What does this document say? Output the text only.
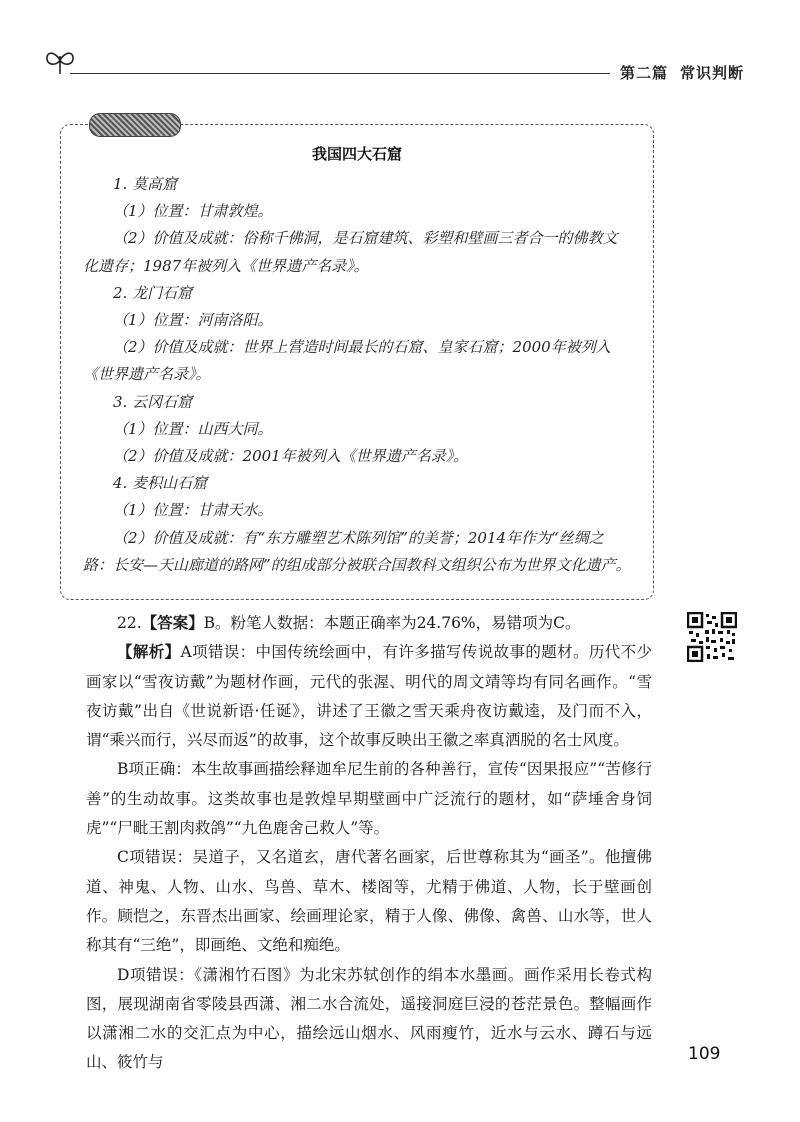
第二篇 常识判断
我国四大石窟

1. 莫高窟

（1）位置：甘肃敦煌。

（2）价值及成就：俗称千佛洞，是石窟建筑、彩塑和壁画三者合一的佛教文化遗存；1987年被列入《世界遗产名录》。

2. 龙门石窟

（1）位置：河南洛阳。

（2）价值及成就：世界上营造时间最长的石窟、皇家石窟；2000年被列入《世界遗产名录》。

3. 云冈石窟

（1）位置：山西大同。

（2）价值及成就：2001年被列入《世界遗产名录》。

4. 麦积山石窟

（1）位置：甘肃天水。

（2）价值及成就：有“东方雕塑艺术陈列馆”的美誉；2014年作为“丝绸之路：长安—天山廊道的路网”的组成部分被联合国教科文组织公布为世界文化遗产。

22.【答案】B。粉笔人数据：本题正确率为24.76%，易错项为C。

【解析】A项错误：中国传统绘画中，有许多描写传说故事的题材。历代不少画家以“雪夜访戴”为题材作画，元代的张渥、明代的周文靖等均有同名画作。“雪夜访戴”出自《世说新语·任诞》，讲述了王徽之雪天乘舟夜访戴逵，及门而不入，谓“乘兴而行，兴尽而返”的故事，这个故事反映出王徽之率真洒脱的名士风度。

B项正确：本生故事画描绘释迦牟尼生前的各种善行，宣传“因果报应”“苦修行善”的生动故事。这类故事也是敦煌早期壁画中广泛流行的题材，如“萨埵舍身饲虎”“尸毗王割肉救鸽”“九色鹿舍己救人”等。

C项错误：吴道子，又名道玄，唐代著名画家，后世尊称其为“画圣”。他擅佛道、神鬼、人物、山水、鸟兽、草木、楼阁等，尤精于佛道、人物，长于壁画创作。顾恺之，东晋杰出画家、绘画理论家，精于人像、佛像、禽兽、山水等，世人称其有“三绝”，即画绝、文绝和痴绝。

D项错误：《潇湘竹石图》为北宋苏轼创作的绢本水墨画。画作采用长卷式构图，展现湖南省零陵县西潇、湘二水合流处，遥接洞庭巨浸的苍茫景色。整幅画作以潇湘二水的交汇点为中心，描绘远山烟水、风雨瘦竹，近水与云水、蹲石与远山、筱竹与	109
